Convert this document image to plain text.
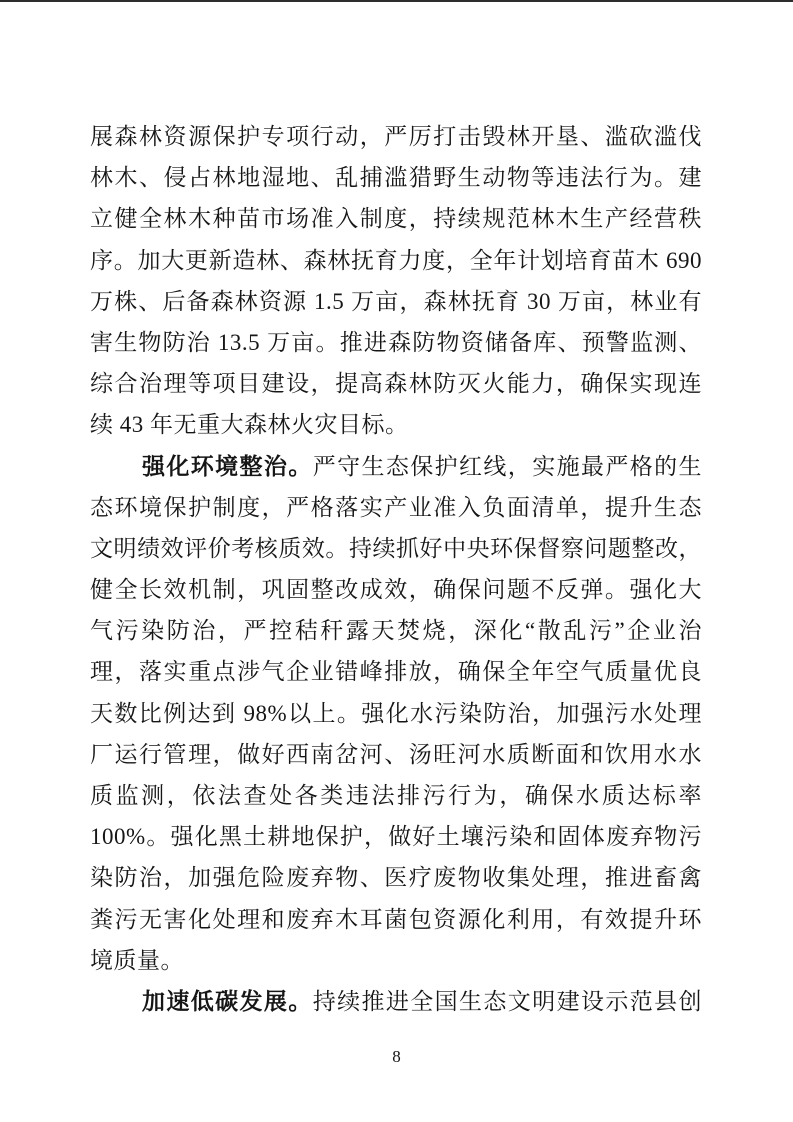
展森林资源保护专项行动，严厉打击毁林开垦、滥砍滥伐
林木、侵占林地湿地、乱捕滥猎野生动物等违法行为。建
立健全林木种苗市场准入制度，持续规范林木生产经营秩
序。加大更新造林、森林抚育力度，全年计划培育苗木 690
万株、后备森林资源 1.5 万亩，森林抚育 30 万亩，林业有
害生物防治 13.5 万亩。推进森防物资储备库、预警监测、
综合治理等项目建设，提高森林防灭火能力，确保实现连
续 43 年无重大森林火灾目标。
强化环境整治。严守生态保护红线，实施最严格的生
态环境保护制度，严格落实产业准入负面清单，提升生态
文明绩效评价考核质效。持续抓好中央环保督察问题整改，
健全长效机制，巩固整改成效，确保问题不反弹。强化大
气污染防治，严控秸秆露天焚烧，深化“散乱污”企业治
理，落实重点涉气企业错峰排放，确保全年空气质量优良
天数比例达到 98%以上。强化水污染防治，加强污水处理
厂运行管理，做好西南岔河、汤旺河水质断面和饮用水水
质监测，依法查处各类违法排污行为，确保水质达标率
100%。强化黑土耕地保护，做好土壤污染和固体废弃物污
染防治，加强危险废弃物、医疗废物收集处理，推进畜禽
粪污无害化处理和废弃木耳菌包资源化利用，有效提升环
境质量。
加速低碳发展。持续推进全国生态文明建设示范县创
8
